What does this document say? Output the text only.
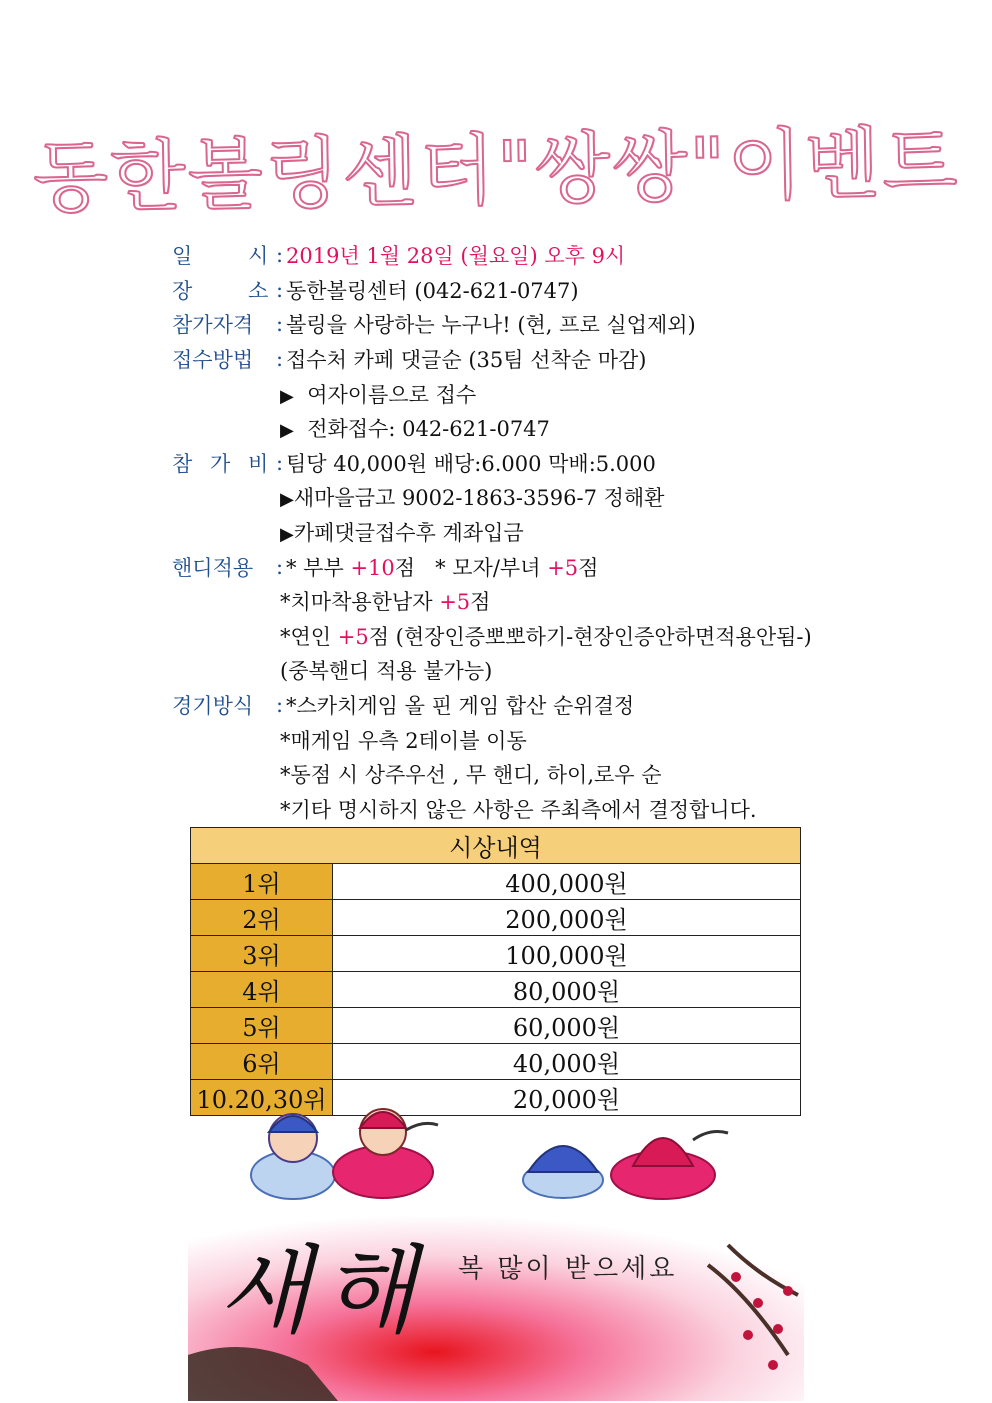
동한볼링센터"쌍쌍"이벤트
일	시 : 2019년 1월 28일 (월요일) 오후 9시
장	소 : 동한볼링센터 (042-621-0747)
참가자격	: 볼링을 사랑하는 누구나! (현, 프로 실업제외)
접수방법	: 접수처 카페 댓글순 (35팀 선착순 마감)
▶ 여자이름으로 접수
▶ 전화접수: 042-621-0747
참 가 비 : 팀당 40,000원 배당:6.000 막배:5.000
▶새마을금고 9002-1863-3596-7 정해환
▶카페댓글접수후 계좌입금
핸디적용	: * 부부 +10점 * 모자/부녀 +5점
*치마착용한남자 +5점
*연인 +5점 (현장인증뽀뽀하기-현장인증안하면적용안됨-)
(중복핸디 적용 불가능)
경기방식	: *스카치게임 올 핀 게임 합산 순위결정
*매게임 우측 2테이블 이동
*동점 시 상주우선 , 무 핸디, 하이,로우 순
*기타 명시하지 않은 사항은 주최측에서 결정합니다.
시상내역	
1위	400,000원
2위	200,000원
3위	100,000원
4위	80,000원
5위	60,000원
6위	40,000원
10.20,30위	20,000원
새해 복 많이 받으세요
